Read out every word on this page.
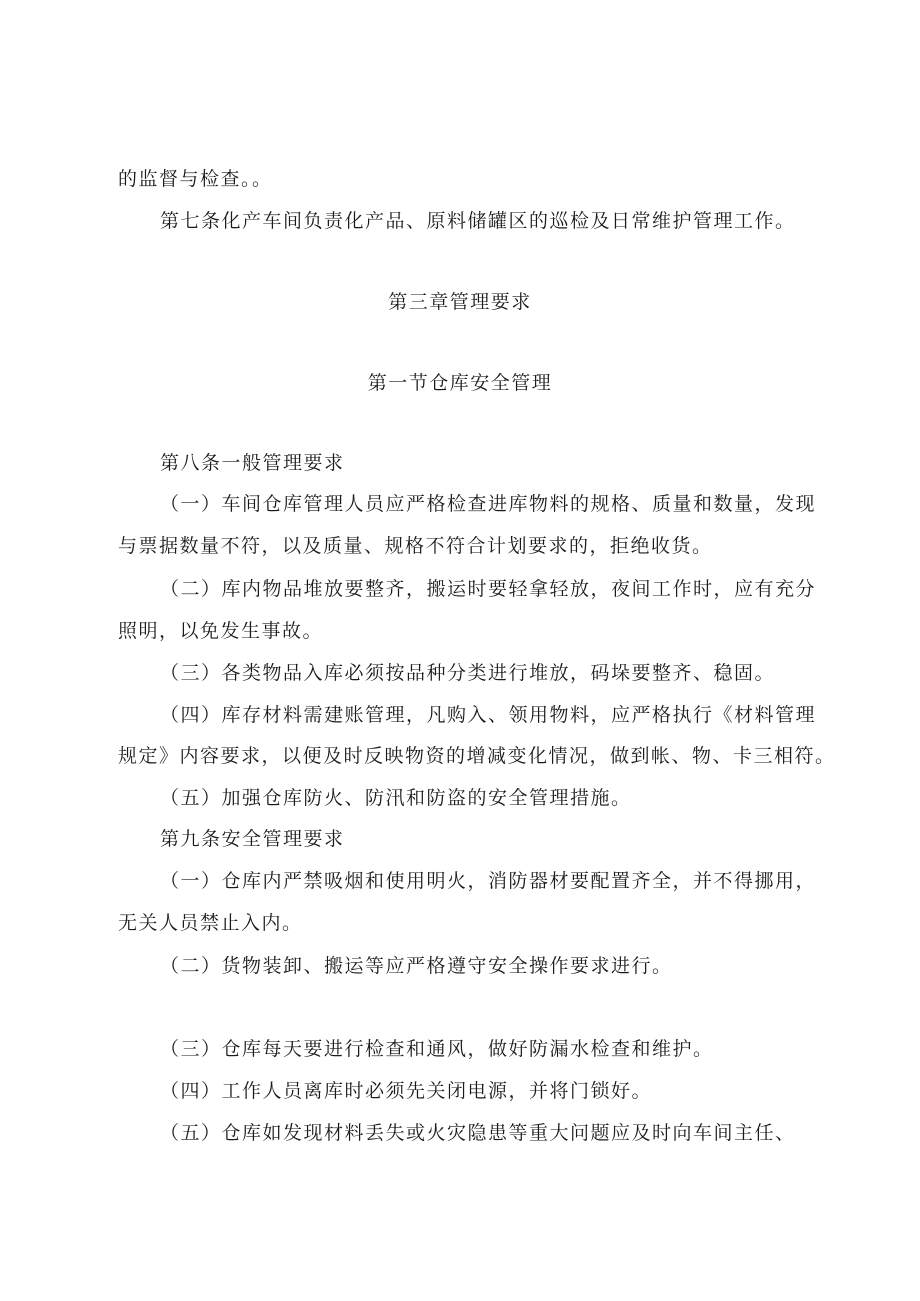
的监督与检查。。
第七条化产车间负责化产品、原料储罐区的巡检及日常维护管理工作。
第三章管理要求
第一节仓库安全管理
第八条一般管理要求
（一）车间仓库管理人员应严格检查进库物料的规格、质量和数量，发现
与票据数量不符，以及质量、规格不符合计划要求的，拒绝收货。
（二）库内物品堆放要整齐，搬运时要轻拿轻放，夜间工作时，应有充分
照明，以免发生事故。
（三）各类物品入库必须按品种分类进行堆放，码垛要整齐、稳固。
（四）库存材料需建账管理，凡购入、领用物料，应严格执行《材料管理
规定》内容要求，以便及时反映物资的增减变化情况，做到帐、物、卡三相符。
（五）加强仓库防火、防汛和防盗的安全管理措施。
第九条安全管理要求
（一）仓库内严禁吸烟和使用明火，消防器材要配置齐全，并不得挪用，
无关人员禁止入内。
（二）货物装卸、搬运等应严格遵守安全操作要求进行。
（三）仓库每天要进行检查和通风，做好防漏水检查和维护。
（四）工作人员离库时必须先关闭电源，并将门锁好。
（五）仓库如发现材料丢失或火灾隐患等重大问题应及时向车间主任、
